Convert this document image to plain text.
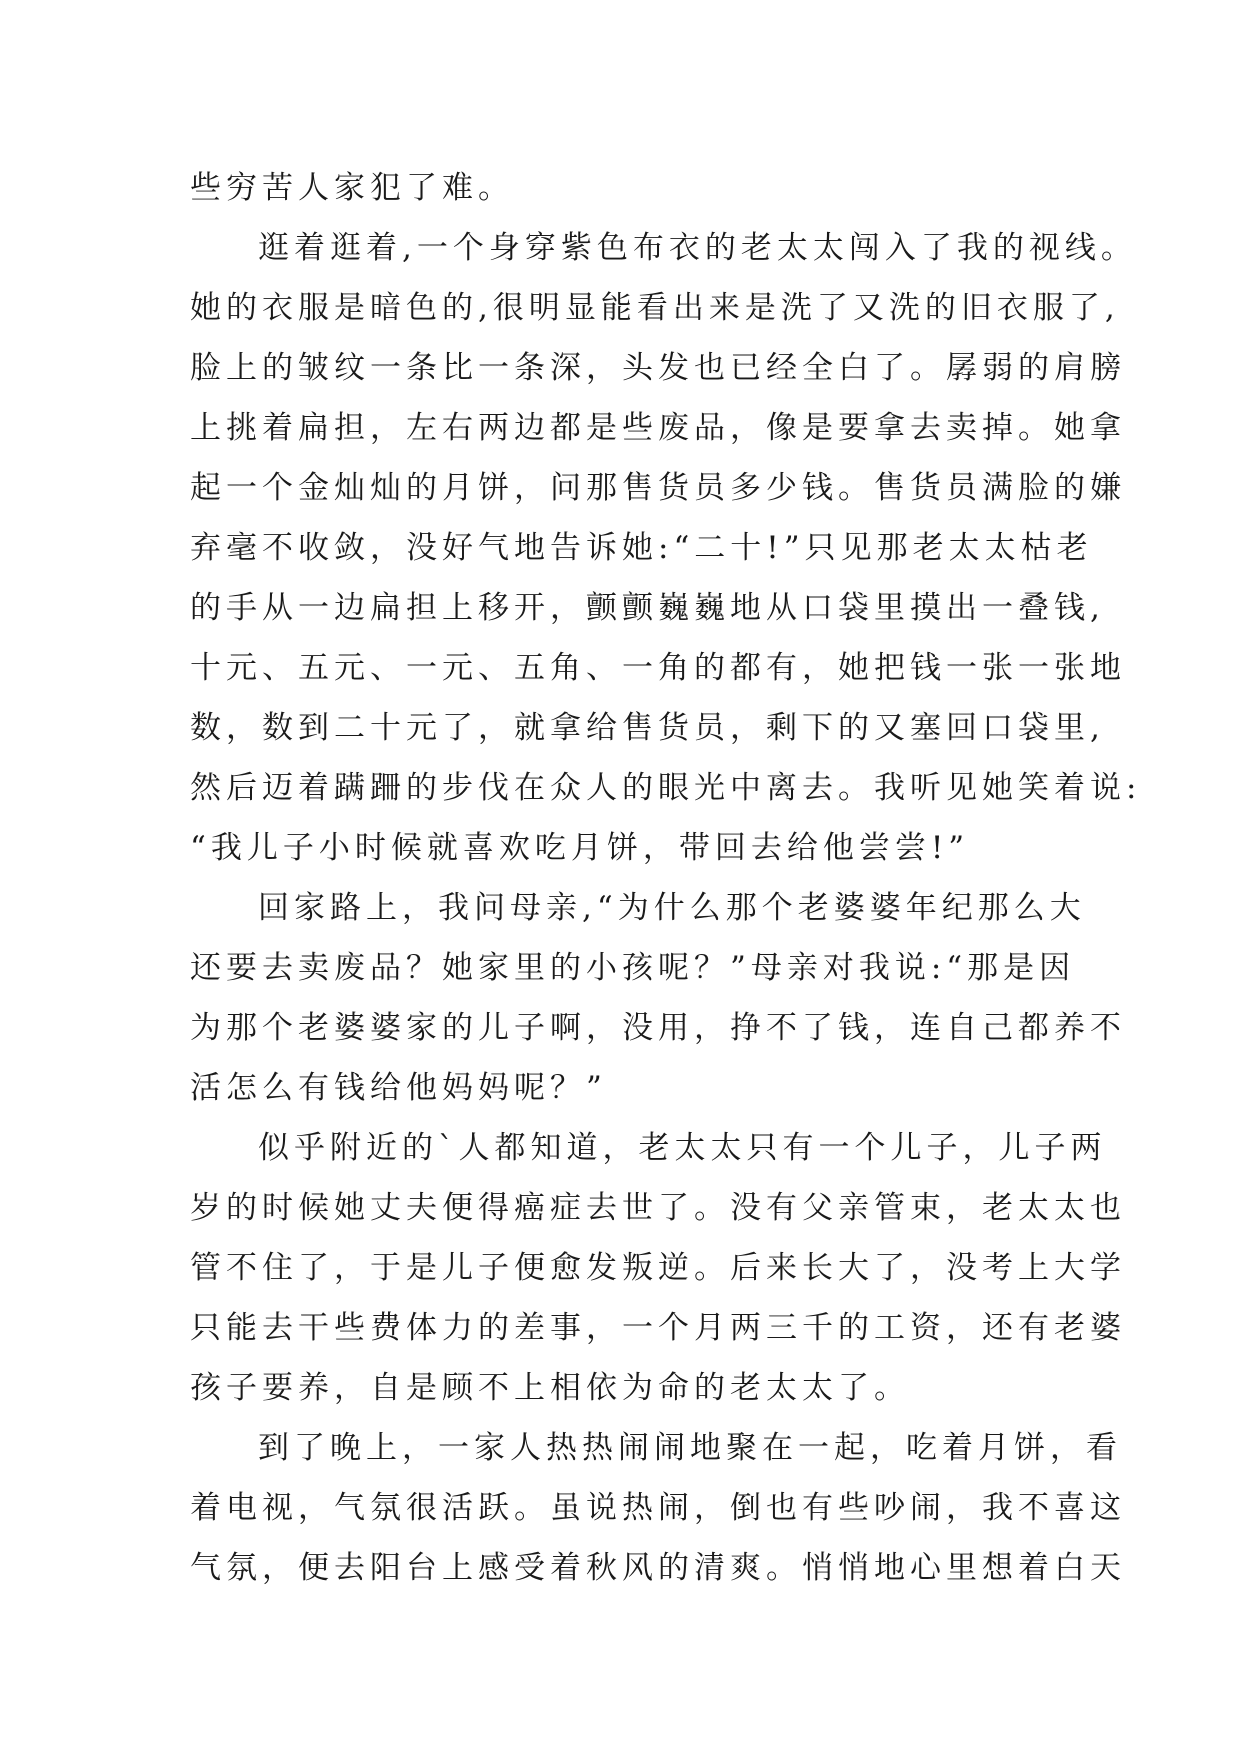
些穷苦人家犯了难。
逛着逛着,一个身穿紫色布衣的老太太闯入了我的视线。
她的衣服是暗色的,很明显能看出来是洗了又洗的旧衣服了,
脸上的皱纹一条比一条深，头发也已经全白了。孱弱的肩膀
上挑着扁担，左右两边都是些废品，像是要拿去卖掉。她拿
起一个金灿灿的月饼，问那售货员多少钱。售货员满脸的嫌
弃毫不收敛，没好气地告诉她:“二十!”只见那老太太枯老
的手从一边扁担上移开，颤颤巍巍地从口袋里摸出一叠钱,
十元、五元、一元、五角、一角的都有，她把钱一张一张地
数，数到二十元了，就拿给售货员，剩下的又塞回口袋里,
然后迈着蹒跚的步伐在众人的眼光中离去。我听见她笑着说:
“我儿子小时候就喜欢吃月饼，带回去给他尝尝!”
回家路上，我问母亲,“为什么那个老婆婆年纪那么大
还要去卖废品？她家里的小孩呢？”母亲对我说:“那是因
为那个老婆婆家的儿子啊，没用，挣不了钱，连自己都养不
活怎么有钱给他妈妈呢？”
似乎附近的`人都知道，老太太只有一个儿子，儿子两
岁的时候她丈夫便得癌症去世了。没有父亲管束，老太太也
管不住了，于是儿子便愈发叛逆。后来长大了，没考上大学
只能去干些费体力的差事，一个月两三千的工资，还有老婆
孩子要养，自是顾不上相依为命的老太太了。
到了晚上，一家人热热闹闹地聚在一起，吃着月饼，看
着电视，气氛很活跃。虽说热闹，倒也有些吵闹，我不喜这
气氛，便去阳台上感受着秋风的清爽。悄悄地心里想着白天
